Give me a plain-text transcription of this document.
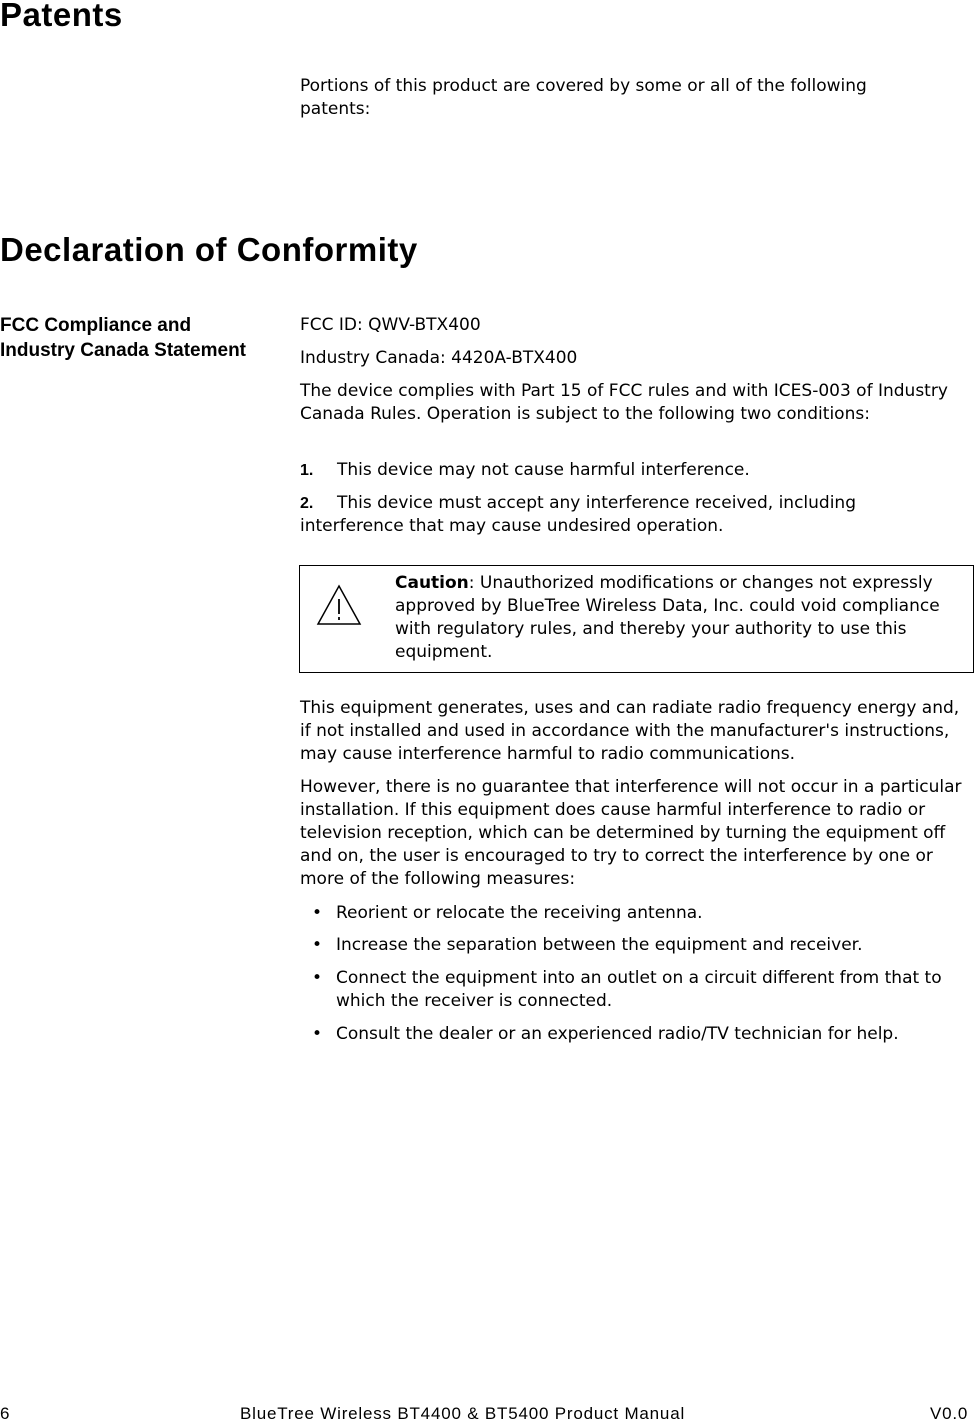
Patents
Portions of this product are covered by some or all of the following patents:
Declaration of Conformity
FCC Compliance and Industry Canada Statement
FCC ID: QWV-BTX400
Industry Canada: 4420A-BTX400
The device complies with Part 15 of FCC rules and with ICES-003 of Industry Canada Rules. Operation is subject to the following two conditions:
1. This device may not cause harmful interference.
2. This device must accept any interference received, including interference that may cause undesired operation.
Caution: Unauthorized modifications or changes not expressly approved by BlueTree Wireless Data, Inc. could void compliance with regulatory rules, and thereby your authority to use this equipment.
This equipment generates, uses and can radiate radio frequency energy and, if not installed and used in accordance with the manufacturer's instructions, may cause interference harmful to radio communications.
However, there is no guarantee that interference will not occur in a particular installation. If this equipment does cause harmful interference to radio or television reception, which can be determined by turning the equipment off and on, the user is encouraged to try to correct the interference by one or more of the following measures:
• Reorient or relocate the receiving antenna.
• Increase the separation between the equipment and receiver.
• Connect the equipment into an outlet on a circuit different from that to which the receiver is connected.
• Consult the dealer or an experienced radio/TV technician for help.
6	BlueTree Wireless BT4400 & BT5400 Product Manual	V0.0
